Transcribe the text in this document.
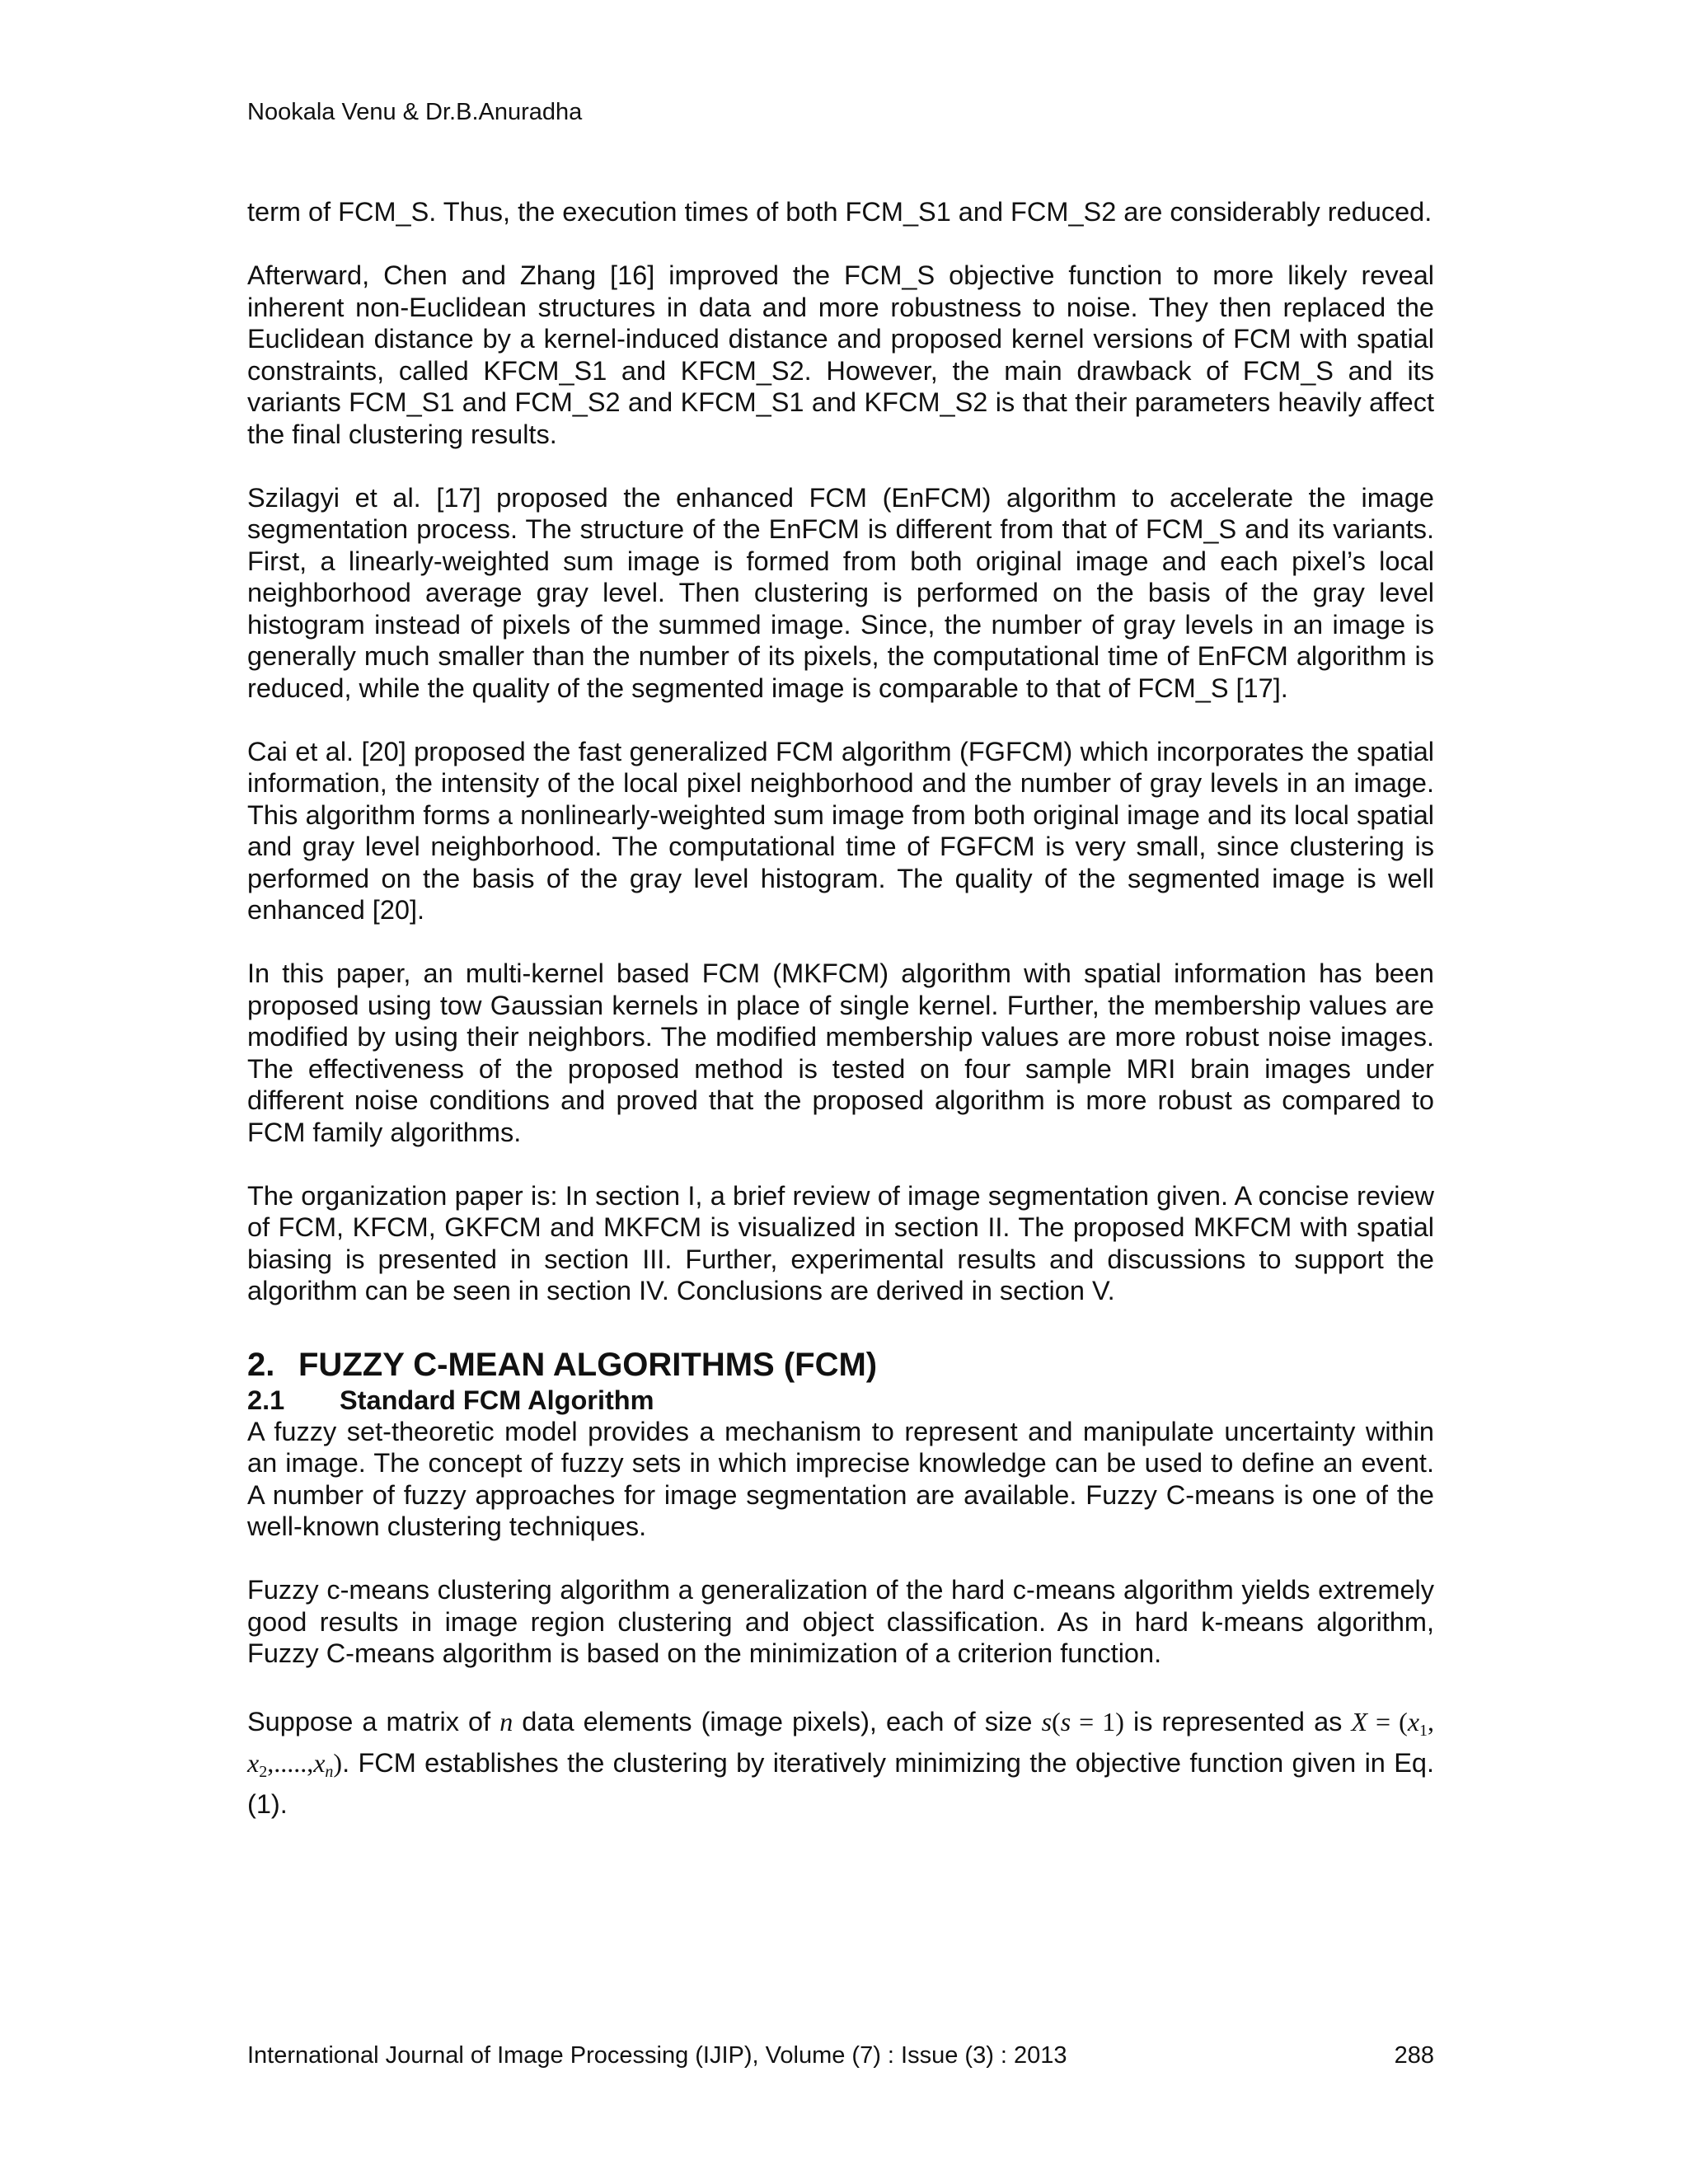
Nookala Venu & Dr.B.Anuradha

term of FCM_S. Thus, the execution times of both FCM_S1 and FCM_S2 are considerably reduced.

Afterward, Chen and Zhang [16] improved the FCM_S objective function to more likely reveal inherent non-Euclidean structures in data and more robustness to noise. They then replaced the Euclidean distance by a kernel-induced distance and proposed kernel versions of FCM with spatial constraints, called KFCM_S1 and KFCM_S2. However, the main drawback of FCM_S and its variants FCM_S1 and FCM_S2 and KFCM_S1 and KFCM_S2 is that their parameters heavily affect the final clustering results.

Szilagyi et al. [17] proposed the enhanced FCM (EnFCM) algorithm to accelerate the image segmentation process. The structure of the EnFCM is different from that of FCM_S and its variants. First, a linearly-weighted sum image is formed from both original image and each pixel’s local neighborhood average gray level. Then clustering is performed on the basis of the gray level histogram instead of pixels of the summed image. Since, the number of gray levels in an image is generally much smaller than the number of its pixels, the computational time of EnFCM algorithm is reduced, while the quality of the segmented image is comparable to that of FCM_S [17].

Cai et al. [20] proposed the fast generalized FCM algorithm (FGFCM) which incorporates the spatial information, the intensity of the local pixel neighborhood and the number of gray levels in an image. This algorithm forms a nonlinearly-weighted sum image from both original image and its local spatial and gray level neighborhood. The computational time of FGFCM is very small, since clustering is performed on the basis of the gray level histogram. The quality of the segmented image is well enhanced [20].

In this paper, an multi-kernel based FCM (MKFCM) algorithm with spatial information has been proposed using tow Gaussian kernels in place of single kernel. Further, the membership values are modified by using their neighbors. The modified membership values are more robust noise images. The effectiveness of the proposed method is tested on four sample MRI brain images under different noise conditions and proved that the proposed algorithm is more robust as compared to FCM family algorithms.

The organization paper is: In section I, a brief review of image segmentation given. A concise review of FCM, KFCM, GKFCM and MKFCM is visualized in section II. The proposed MKFCM with spatial biasing is presented in section III. Further, experimental results and discussions to support the algorithm can be seen in section IV. Conclusions are derived in section V.

2. FUZZY C-MEAN ALGORITHMS (FCM)
2.1 Standard FCM Algorithm

A fuzzy set-theoretic model provides a mechanism to represent and manipulate uncertainty within an image. The concept of fuzzy sets in which imprecise knowledge can be used to define an event. A number of fuzzy approaches for image segmentation are available. Fuzzy C-means is one of the well-known clustering techniques.

Fuzzy c-means clustering algorithm a generalization of the hard c-means algorithm yields extremely good results in image region clustering and object classification. As in hard k-means algorithm, Fuzzy C-means algorithm is based on the minimization of a criterion function.

Suppose a matrix of n data elements (image pixels), each of size s(s = 1) is represented as $X = (x_1$, $x_2,.....,x_n$). FCM establishes the clustering by iteratively minimizing the objective function given in Eq. (1).

International Journal of Image Processing (IJIP), Volume (7) : Issue (3) : 2013	288
